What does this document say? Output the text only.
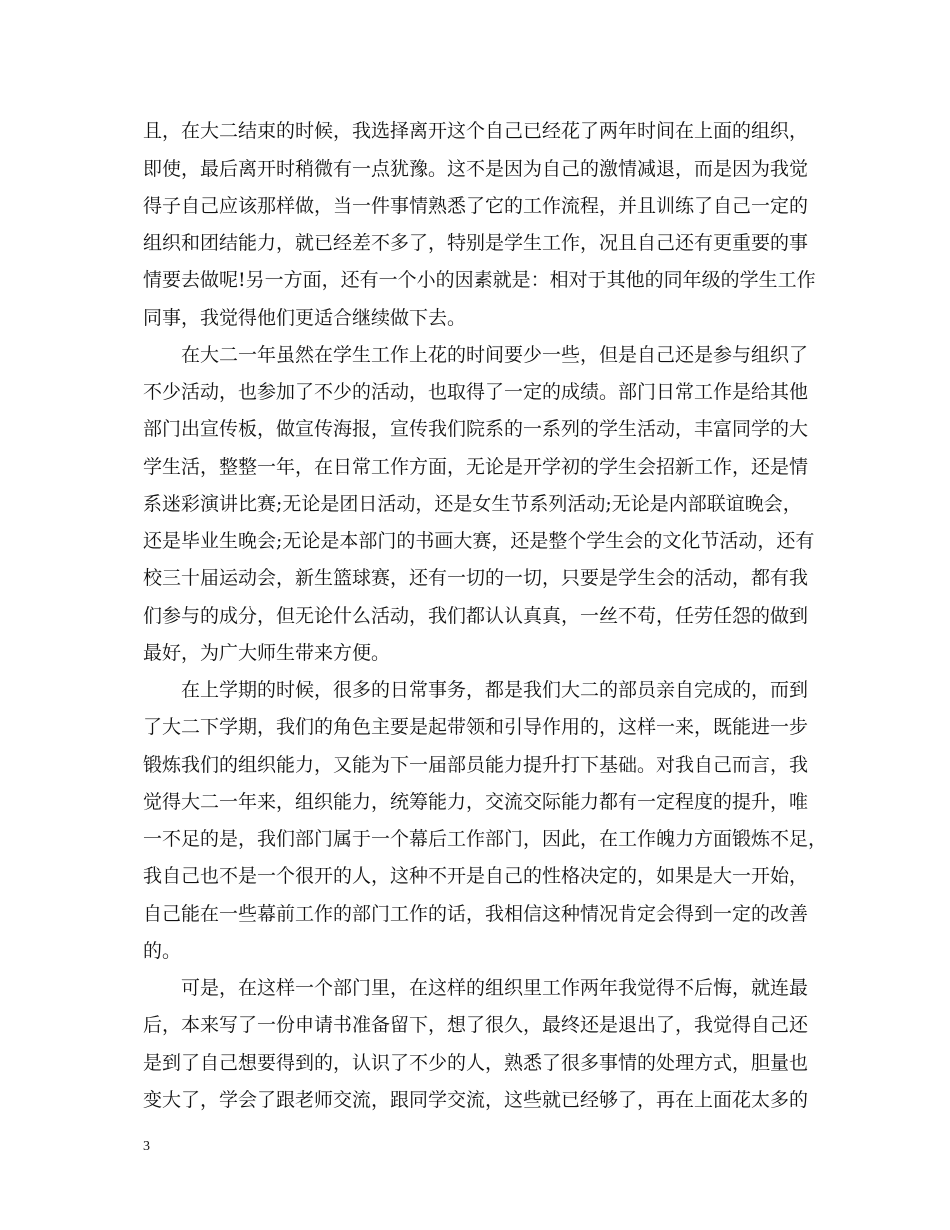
且，在大二结束的时候，我选择离开这个自己已经花了两年时间在上面的组织，
即使，最后离开时稍微有一点犹豫。这不是因为自己的激情减退，而是因为我觉
得子自己应该那样做，当一件事情熟悉了它的工作流程，并且训练了自己一定的
组织和团结能力，就已经差不多了，特别是学生工作，况且自己还有更重要的事
情要去做呢!另一方面，还有一个小的因素就是：相对于其他的同年级的学生工作
同事，我觉得他们更适合继续做下去。
在大二一年虽然在学生工作上花的时间要少一些，但是自己还是参与组织了
不少活动，也参加了不少的活动，也取得了一定的成绩。部门日常工作是给其他
部门出宣传板，做宣传海报，宣传我们院系的一系列的学生活动，丰富同学的大
学生活，整整一年，在日常工作方面，无论是开学初的学生会招新工作，还是情
系迷彩演讲比赛;无论是团日活动，还是女生节系列活动;无论是内部联谊晚会，
还是毕业生晚会;无论是本部门的书画大赛，还是整个学生会的文化节活动，还有
校三十届运动会，新生篮球赛，还有一切的一切，只要是学生会的活动，都有我
们参与的成分，但无论什么活动，我们都认认真真，一丝不苟，任劳任怨的做到
最好，为广大师生带来方便。
在上学期的时候，很多的日常事务，都是我们大二的部员亲自完成的，而到
了大二下学期，我们的角色主要是起带领和引导作用的，这样一来，既能进一步
锻炼我们的组织能力，又能为下一届部员能力提升打下基础。对我自己而言，我
觉得大二一年来，组织能力，统筹能力，交流交际能力都有一定程度的提升，唯
一不足的是，我们部门属于一个幕后工作部门，因此，在工作魄力方面锻炼不足，
我自己也不是一个很开的人，这种不开是自己的性格决定的，如果是大一开始，
自己能在一些幕前工作的部门工作的话，我相信这种情况肯定会得到一定的改善
的。
可是，在这样一个部门里，在这样的组织里工作两年我觉得不后悔，就连最
后，本来写了一份申请书准备留下，想了很久，最终还是退出了，我觉得自己还
是到了自己想要得到的，认识了不少的人，熟悉了很多事情的处理方式，胆量也
变大了，学会了跟老师交流，跟同学交流，这些就已经够了，再在上面花太多的
3
